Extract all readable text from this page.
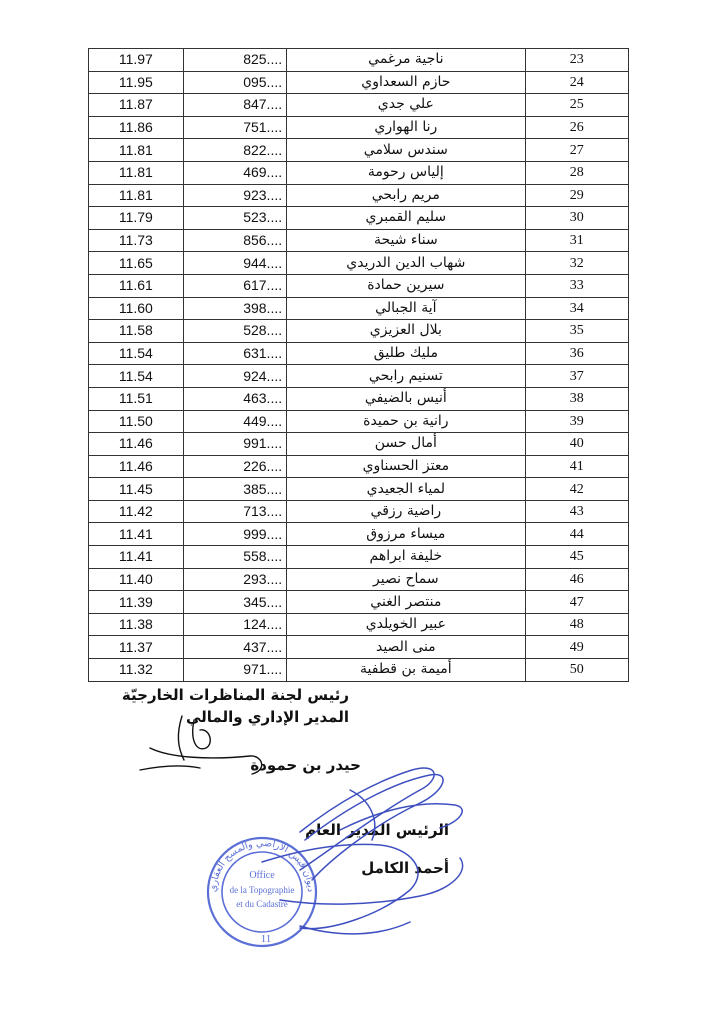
11.97	825....	ناجية مرغمي	23
11.95	095....	حازم السعداوي	24
11.87	847....	علي جدي	25
11.86	751....	رنا الهواري	26
11.81	822....	سندس سلامي	27
11.81	469....	إلياس رحومة	28
11.81	923....	مريم رابحي	29
11.79	523....	سليم القمبري	30
11.73	856....	سناء شيحة	31
11.65	944....	شهاب الدين الدريدي	32
11.61	617....	سيرين حمادة	33
11.60	398....	آية الجبالي	34
11.58	528....	بلال العزيزي	35
11.54	631....	مليك طليق	36
11.54	924....	تسنيم رابحي	37
11.51	463....	أنيس بالضيفي	38
11.50	449....	رانية بن حميدة	39
11.46	991....	أمال حسن	40
11.46	226....	معتز الحسناوي	41
11.45	385....	لمياء الجعيدي	42
11.42	713....	راضية رزقي	43
11.41	999....	ميساء مرزوق	44
11.41	558....	خليفة ابراهم	45
11.40	293....	سماح نصير	46
11.39	345....	منتصر الغني	47
11.38	124....	عبير الخويلدي	48
11.37	437....	منى الصيد	49
11.32	971....	أميمة بن قطفية	50
رئيس لجنة المناظرات الخارجيّة
المدير الإداري والمالي
حيدر بن حمودة
الرئيس المدير العام
أحمد الكامل
ديوان قيس الأراضي والمسح العقاري
Office
de la Topographie
et du Cadastre
11
